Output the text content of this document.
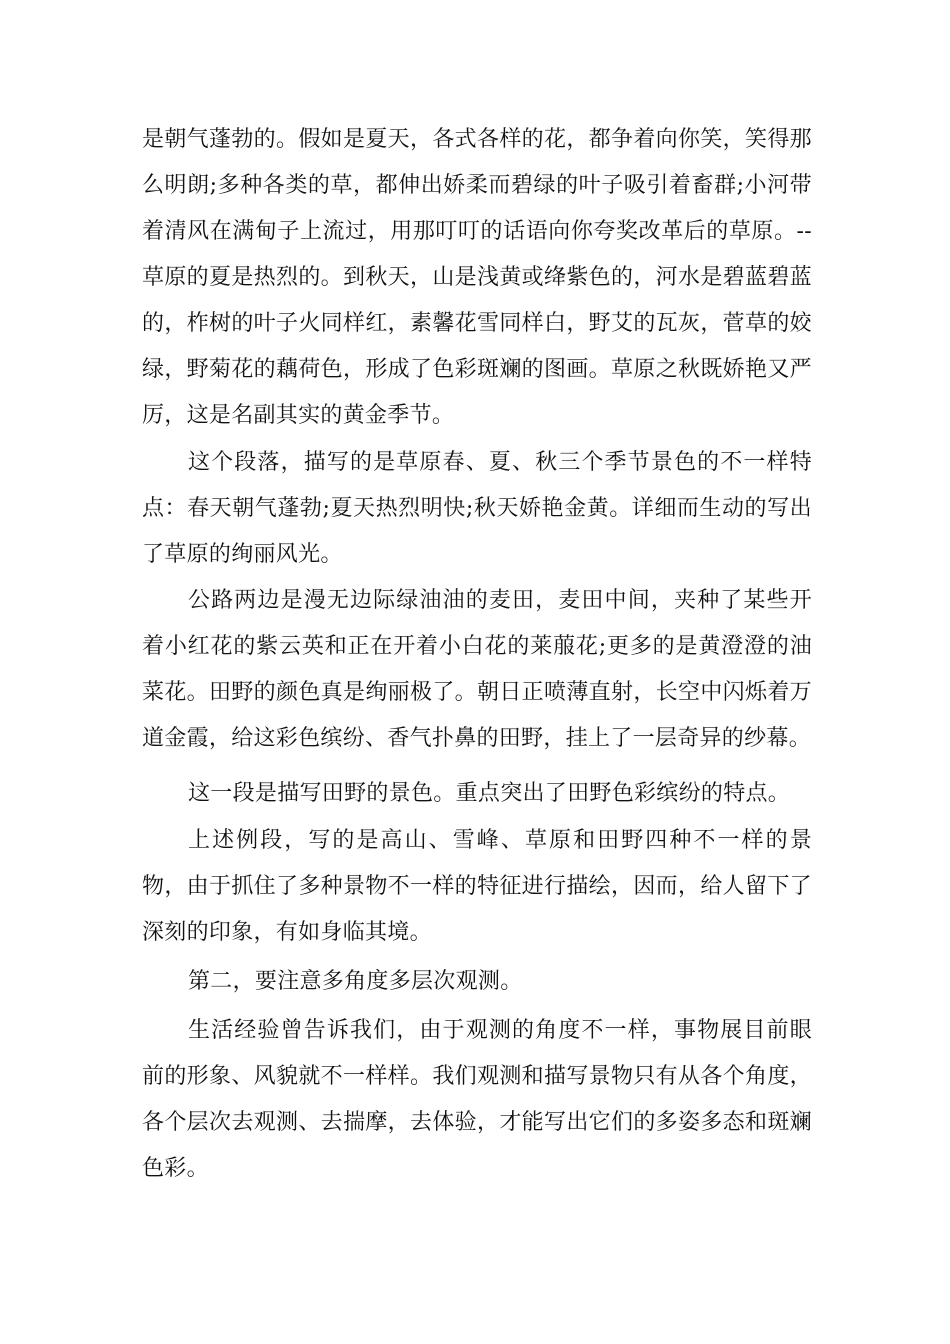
是朝气蓬勃的。假如是夏天，各式各样的花，都争着向你笑，笑得那么明朗;多种各类的草，都伸出娇柔而碧绿的叶子吸引着畜群;小河带着清风在满甸子上流过，用那叮叮的话语向你夸奖改革后的草原。--草原的夏是热烈的。到秋天，山是浅黄或绛紫色的，河水是碧蓝碧蓝的，柞树的叶子火同样红，素馨花雪同样白，野艾的瓦灰，菅草的姣绿，野菊花的藕荷色，形成了色彩斑斓的图画。草原之秋既娇艳又严厉，这是名副其实的黄金季节。

这个段落，描写的是草原春、夏、秋三个季节景色的不一样特点：春天朝气蓬勃;夏天热烈明快;秋天娇艳金黄。详细而生动的写出了草原的绚丽风光。

公路两边是漫无边际绿油油的麦田，麦田中间，夹种了某些开着小红花的紫云英和正在开着小白花的莱菔花;更多的是黄澄澄的油菜花。田野的颜色真是绚丽极了。朝日正喷薄直射，长空中闪烁着万道金霞，给这彩色缤纷、香气扑鼻的田野，挂上了一层奇异的纱幕。

这一段是描写田野的景色。重点突出了田野色彩缤纷的特点。

上述例段，写的是高山、雪峰、草原和田野四种不一样的景物，由于抓住了多种景物不一样的特征进行描绘，因而，给人留下了深刻的印象，有如身临其境。

第二，要注意多角度多层次观测。

生活经验曾告诉我们，由于观测的角度不一样，事物展目前眼前的形象、风貌就不一样样。我们观测和描写景物只有从各个角度，各个层次去观测、去揣摩，去体验，才能写出它们的多姿多态和斑斓色彩。
